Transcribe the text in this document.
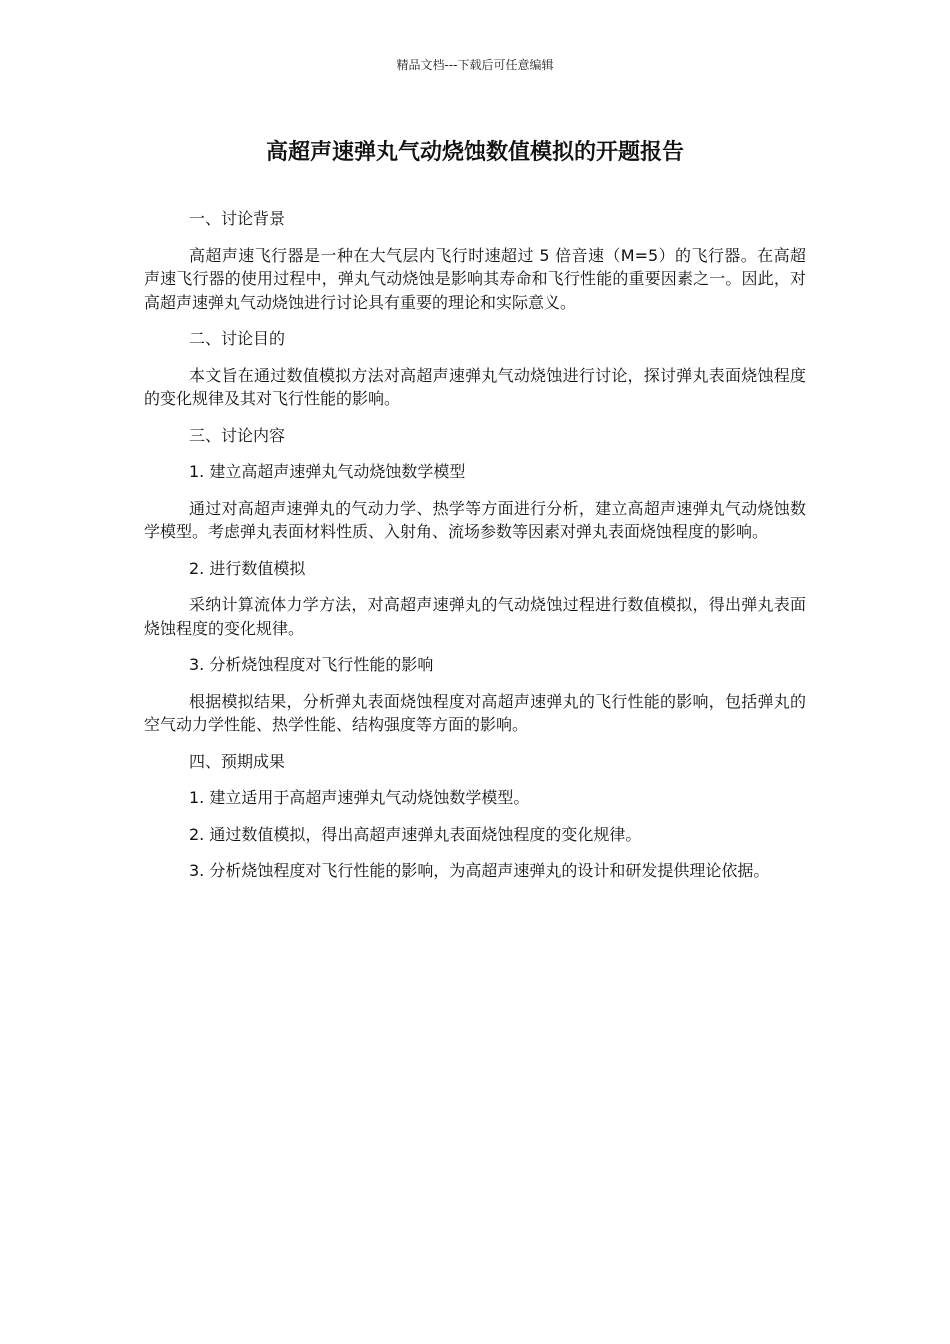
精品文档---下载后可任意编辑
高超声速弹丸气动烧蚀数值模拟的开题报告

一、讨论背景

高超声速飞行器是一种在大气层内飞行时速超过 5 倍音速（M=5）的飞行器。在高超声速飞行器的使用过程中，弹丸气动烧蚀是影响其寿命和飞行性能的重要因素之一。因此，对高超声速弹丸气动烧蚀进行讨论具有重要的理论和实际意义。

二、讨论目的

本文旨在通过数值模拟方法对高超声速弹丸气动烧蚀进行讨论，探讨弹丸表面烧蚀程度的变化规律及其对飞行性能的影响。

三、讨论内容

1. 建立高超声速弹丸气动烧蚀数学模型

通过对高超声速弹丸的气动力学、热学等方面进行分析，建立高超声速弹丸气动烧蚀数学模型。考虑弹丸表面材料性质、入射角、流场参数等因素对弹丸表面烧蚀程度的影响。

2. 进行数值模拟

采纳计算流体力学方法，对高超声速弹丸的气动烧蚀过程进行数值模拟，得出弹丸表面烧蚀程度的变化规律。

3. 分析烧蚀程度对飞行性能的影响

根据模拟结果，分析弹丸表面烧蚀程度对高超声速弹丸的飞行性能的影响，包括弹丸的空气动力学性能、热学性能、结构强度等方面的影响。

四、预期成果

1. 建立适用于高超声速弹丸气动烧蚀数学模型。

2. 通过数值模拟，得出高超声速弹丸表面烧蚀程度的变化规律。

3. 分析烧蚀程度对飞行性能的影响，为高超声速弹丸的设计和研发提供理论依据。
